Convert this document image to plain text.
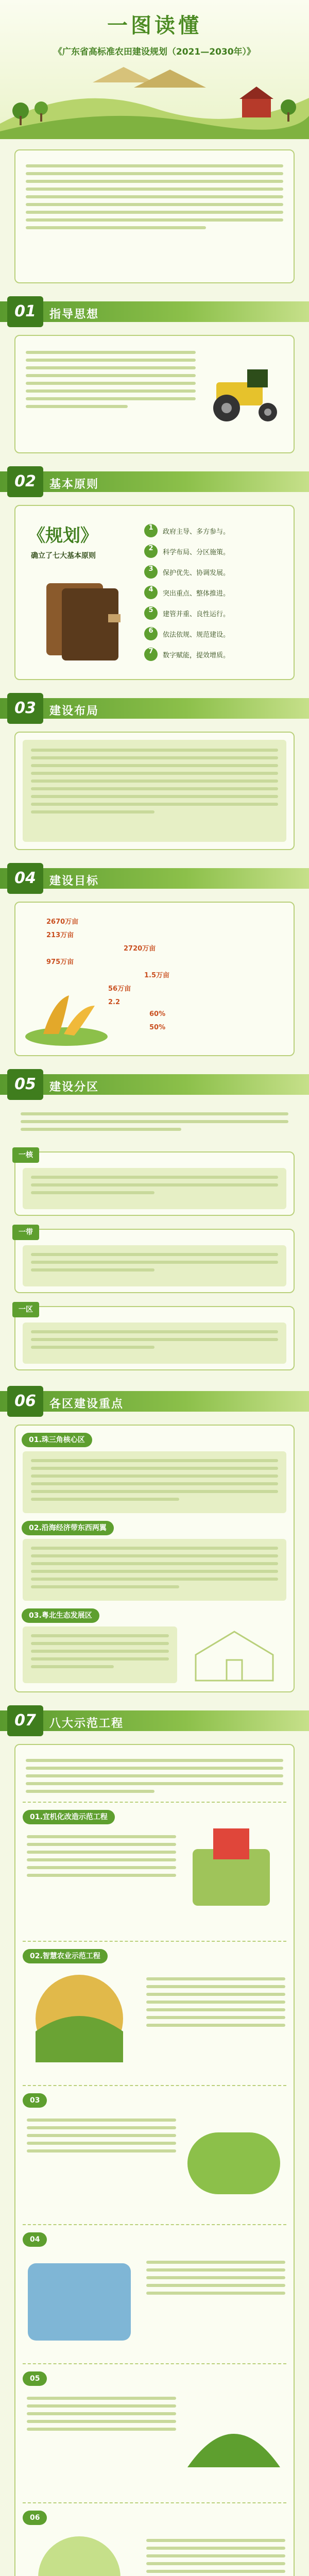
一图读懂
《广东省高标准农田建设规划（2021—2030年）》
01	指导思想
02	基本原则
《规划》
确立了七大基本原则
1	政府主导、多方参与。
2	科学布局、分区施策。
3	保护优先、协调发展。
4	突出重点、整体推进。
5	建管并重、良性运行。
6	依法依规、规范建设。
7	数字赋能，提效增质。
03	建设布局
04	建设目标
2670万亩
213万亩
2720万亩
975万亩
1.5万亩
56万亩
2.2
60%
50%
05	建设分区
一核
一带
一区
06	各区建设重点
01.珠三角核心区
02.沿海经济带东西两翼
03.粤北生态发展区
07	八大示范工程
01.宜机化改造示范工程
02.智慧农业示范工程
03
04
05
06
